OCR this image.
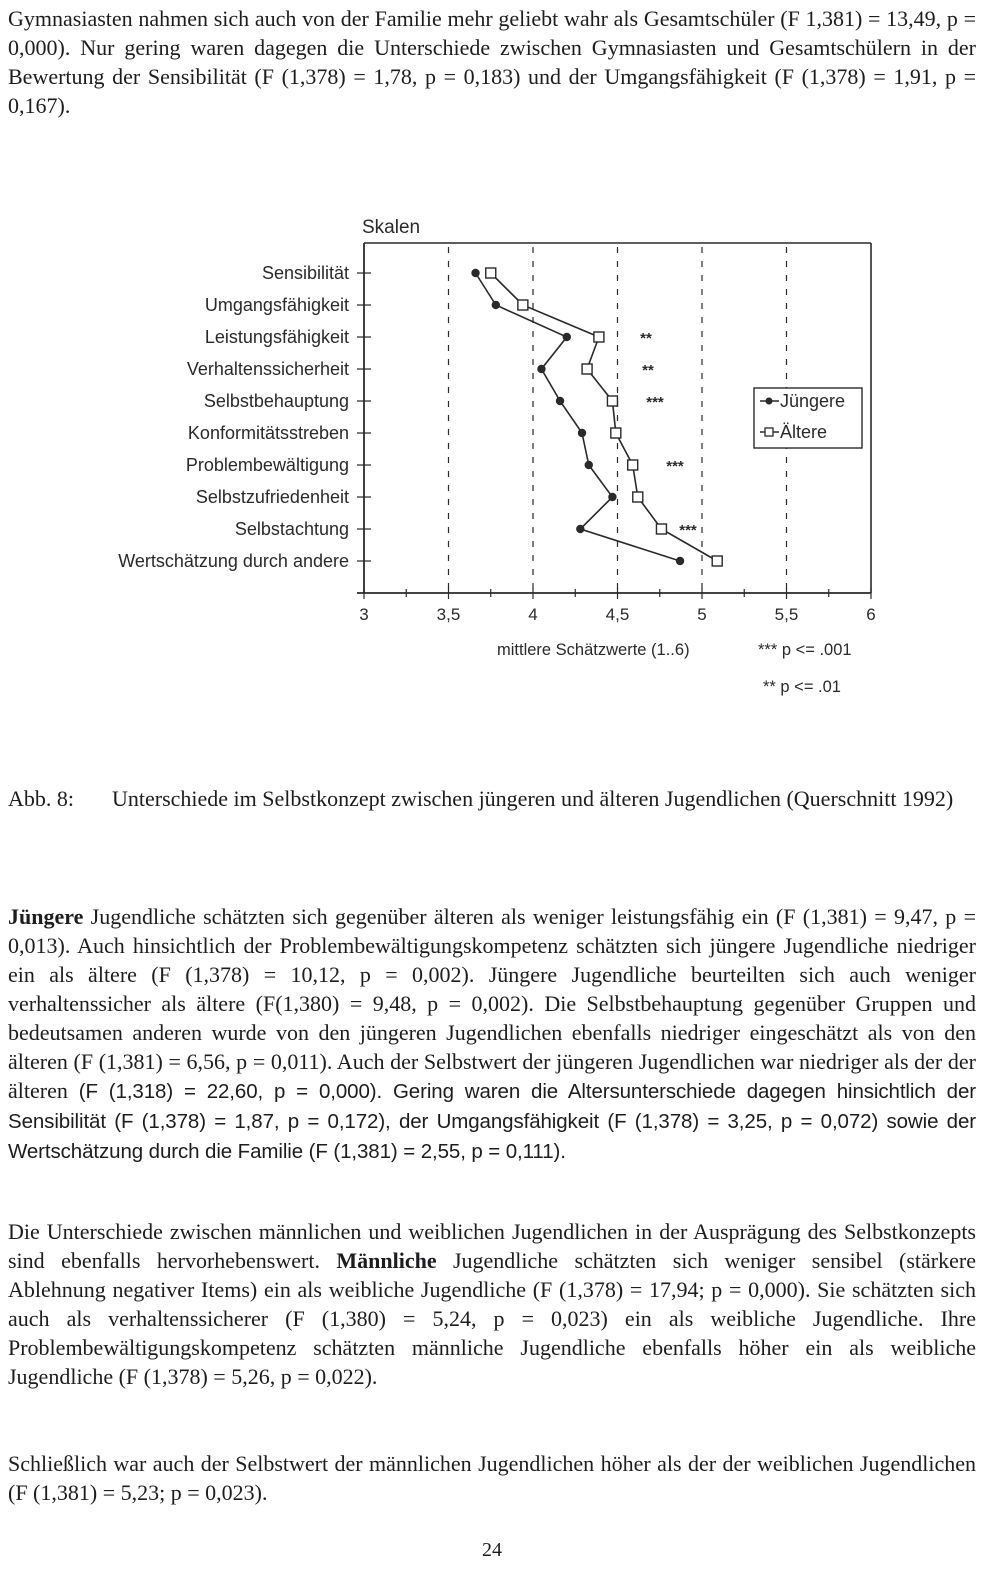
Gymnasiasten nahmen sich auch von der Familie mehr geliebt wahr als Gesamtschüler (F 1,381) = 13,49, p = 0,000). Nur gering waren dagegen die Unterschiede zwischen Gymnasiasten und Gesamtschülern in der Bewertung der Sensibilität (F (1,378) = 1,78, p = 0,183) und der Umgangsfähigkeit (F (1,378) = 1,91, p = 0,167).
Skalen
3	3,5	4	4,5	5	5,5	6
Sensibilität
Umgangsfähigkeit
Leistungsfähigkeit
Verhaltenssicherheit
Selbstbehauptung
Konformitätsstreben
Problembewältigung
Selbstzufriedenheit
Selbstachtung
Wertschätzung durch andere
**
**
***
***
***
Jüngere
Ältere
mittlere Schätzwerte (1..6)	*** p <= .001
** p <= .01
Abb. 8: Unterschiede im Selbstkonzept zwischen jüngeren und älteren Jugendlichen (Querschnitt 1992)
Jüngere Jugendliche schätzten sich gegenüber älteren als weniger leistungsfähig ein (F (1,381) = 9,47, p = 0,013). Auch hinsichtlich der Problembewältigungskompetenz schätzten sich jüngere Jugendliche niedriger ein als ältere (F (1,378) = 10,12, p = 0,002). Jüngere Jugendliche beurteilten sich auch weniger verhaltenssicher als ältere (F(1,380) = 9,48, p = 0,002). Die Selbstbehauptung gegenüber Gruppen und bedeutsamen anderen wurde von den jüngeren Jugendlichen ebenfalls niedriger eingeschätzt als von den älteren (F (1,381) = 6,56, p = 0,011). Auch der Selbstwert der jüngeren Jugendlichen war niedriger als der der älteren (F (1,318) = 22,60, p = 0,000). Gering waren die Altersunterschiede dagegen hinsichtlich der Sensibilität (F (1,378) = 1,87, p = 0,172), der Umgangsfähigkeit (F (1,378) = 3,25, p = 0,072) sowie der Wertschätzung durch die Familie (F (1,381) = 2,55, p = 0,111).
Die Unterschiede zwischen männlichen und weiblichen Jugendlichen in der Ausprägung des Selbstkonzepts sind ebenfalls hervorhebenswert. Männliche Jugendliche schätzten sich weniger sensibel (stärkere Ablehnung negativer Items) ein als weibliche Jugendliche (F (1,378) = 17,94; p = 0,000). Sie schätzten sich auch als verhaltenssicherer (F (1,380) = 5,24, p = 0,023) ein als weibliche Jugendliche. Ihre Problembewältigungskompetenz schätzten männliche Jugendliche ebenfalls höher ein als weibliche Jugendliche (F (1,378) = 5,26, p = 0,022).
Schließlich war auch der Selbstwert der männlichen Jugendlichen höher als der der weiblichen Jugendlichen (F (1,381) = 5,23; p = 0,023).
24
